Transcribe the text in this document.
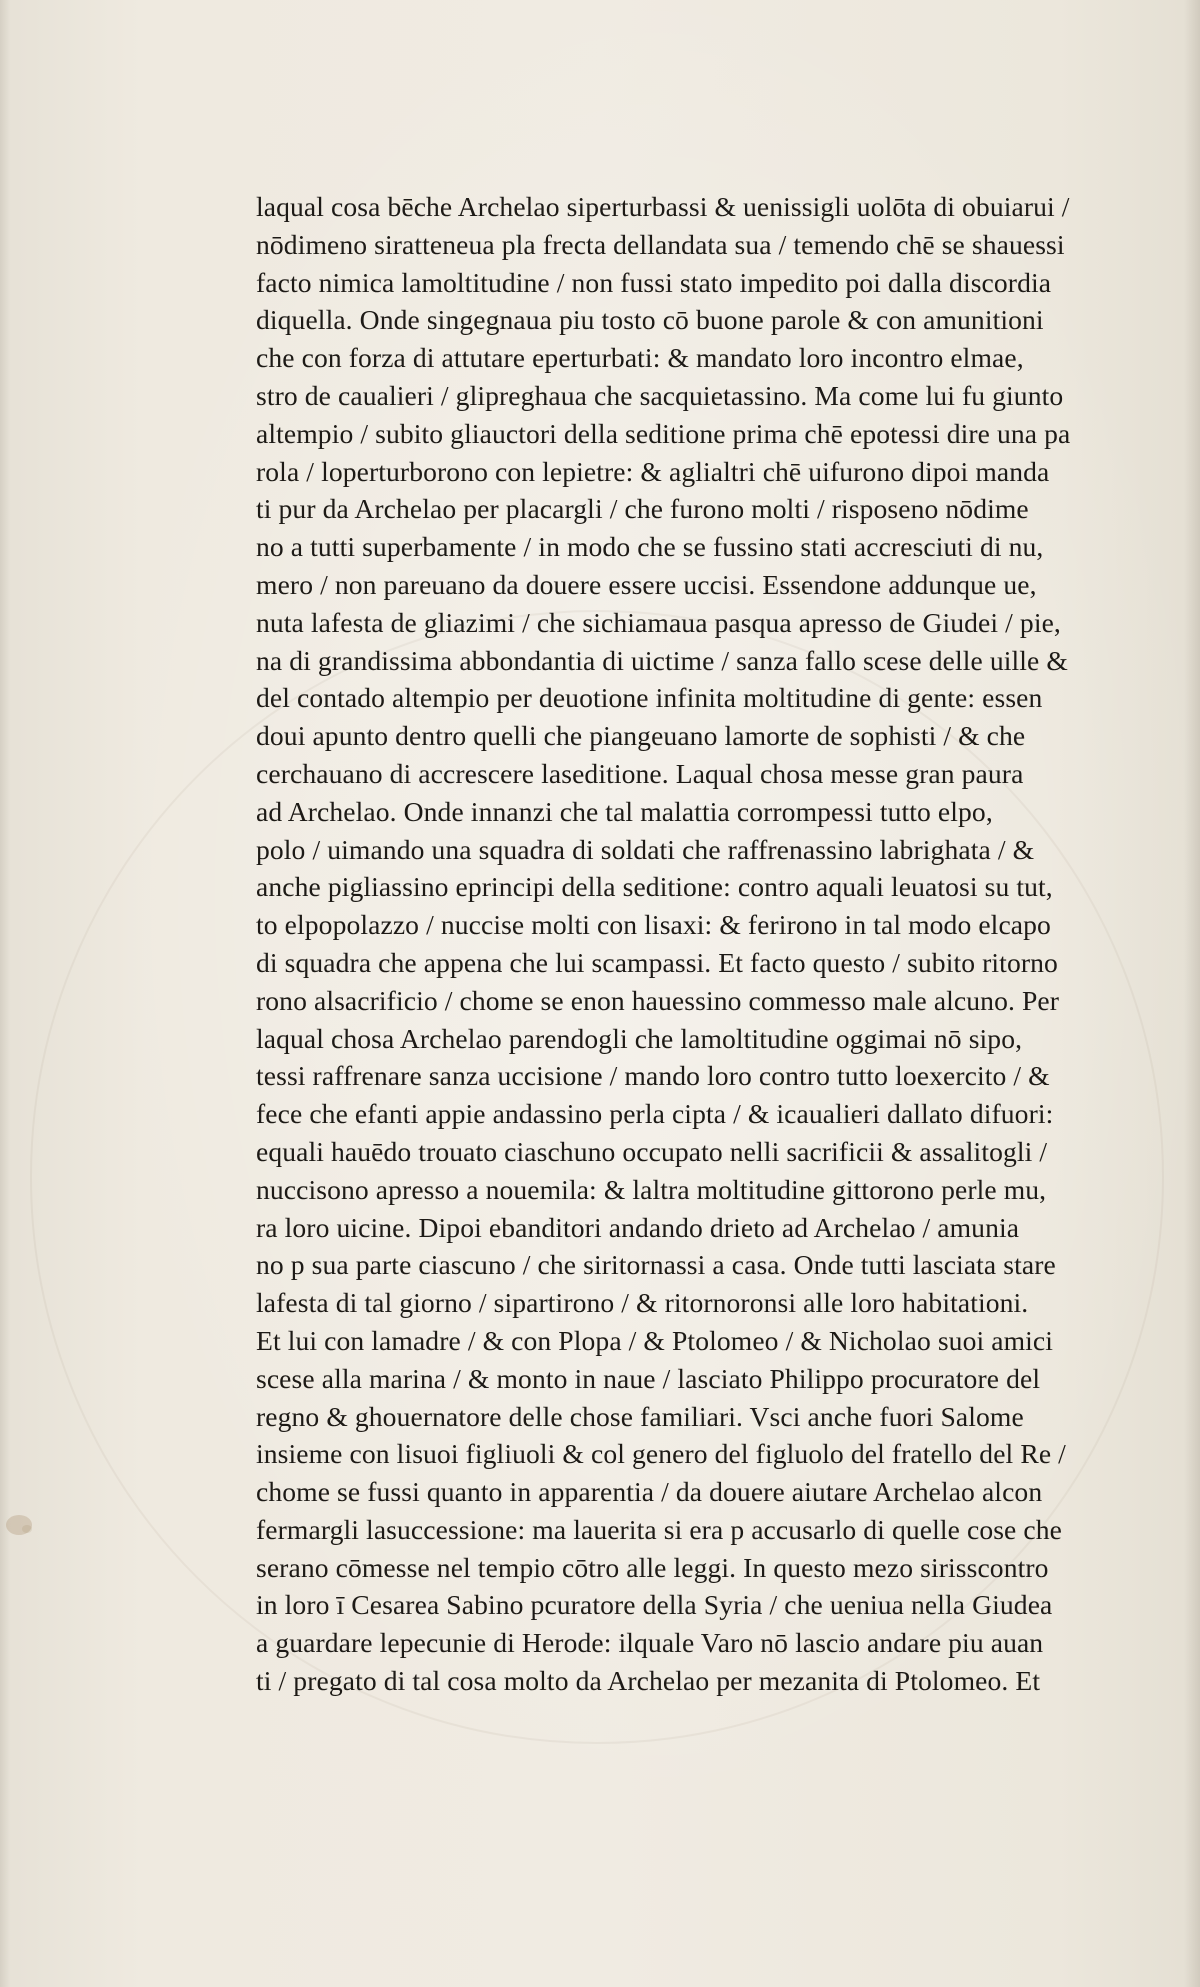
laqual cosa bēche Archelao siperturbassi & uenissigli uolōta di obuiarui /
nōdimeno siratteneua pla frecta dellandata sua / temendo chē se shauessi
facto nimica lamoltitudine / non fussi stato impedito poi dalla discordia
diquella. Onde singegnaua piu tosto cō buone parole & con amunitioni
che con forza di attutare eperturbati: & mandato loro incontro elmae,
stro de caualieri / glipreghaua che sacquietassino. Ma come lui fu giunto
altempio / subito gliauctori della seditione prima chē epotessi dire una pa
rola / loperturborono con lepietre: & aglialtri chē uifurono dipoi manda
ti pur da Archelao per placargli / che furono molti / risposeno nōdime
no a tutti superbamente / in modo che se fussino stati accresciuti di nu,
mero / non pareuano da douere essere uccisi. Essendone addunque ue,
nuta lafesta de gliazimi / che sichiamaua pasqua apresso de Giudei / pie,
na di grandissima abbondantia di uictime / sanza fallo scese delle uille &
del contado altempio per deuotione infinita moltitudine di gente: essen
doui apunto dentro quelli che piangeuano lamorte de sophisti / & che
cerchauano di accrescere laseditione. Laqual chosa messe gran paura
ad Archelao. Onde innanzi che tal malattia corrompessi tutto elpo,
polo / uimando una squadra di soldati che raffrenassino labrighata / &
anche pigliassino eprincipi della seditione: contro aquali leuatosi su tut,
to elpopolazzo / nuccise molti con lisaxi: & ferirono in tal modo elcapo
di squadra che appena che lui scampassi. Et facto questo / subito ritorno
rono alsacrificio / chome se enon hauessino commesso male alcuno. Per
laqual chosa Archelao parendogli che lamoltitudine oggimai nō sipo,
tessi raffrenare sanza uccisione / mando loro contro tutto loexercito / &
fece che efanti appie andassino perla cipta / & icaualieri dallato difuori:
equali hauēdo trouato ciaschuno occupato nelli sacrificii & assalitogli /
nuccisono apresso a nouemila: & laltra moltitudine gittorono perle mu,
ra loro uicine. Dipoi ebanditori andando drieto ad Archelao / amunia
no p sua parte ciascuno / che siritornassi a casa. Onde tutti lasciata stare
lafesta di tal giorno / sipartirono / & ritornoronsi alle loro habitationi.
Et lui con lamadre / & con Plopa / & Ptolomeo / & Nicholao suoi amici
scese alla marina / & monto in naue / lasciato Philippo procuratore del
regno & ghouernatore delle chose familiari. Vsci anche fuori Salome
insieme con lisuoi figliuoli & col genero del figluolo del fratello del Re /
chome se fussi quanto in apparentia / da douere aiutare Archelao alcon
fermargli lasuccessione: ma lauerita si era p accusarlo di quelle cose che
serano cōmesse nel tempio cōtro alle leggi. In questo mezo sirisscontro
in loro ī Cesarea Sabino pcuratore della Syria / che ueniua nella Giudea
a guardare lepecunie di Herode: ilquale Varo nō lascio andare piu auan
ti / pregato di tal cosa molto da Archelao per mezanita di Ptolomeo. Et
